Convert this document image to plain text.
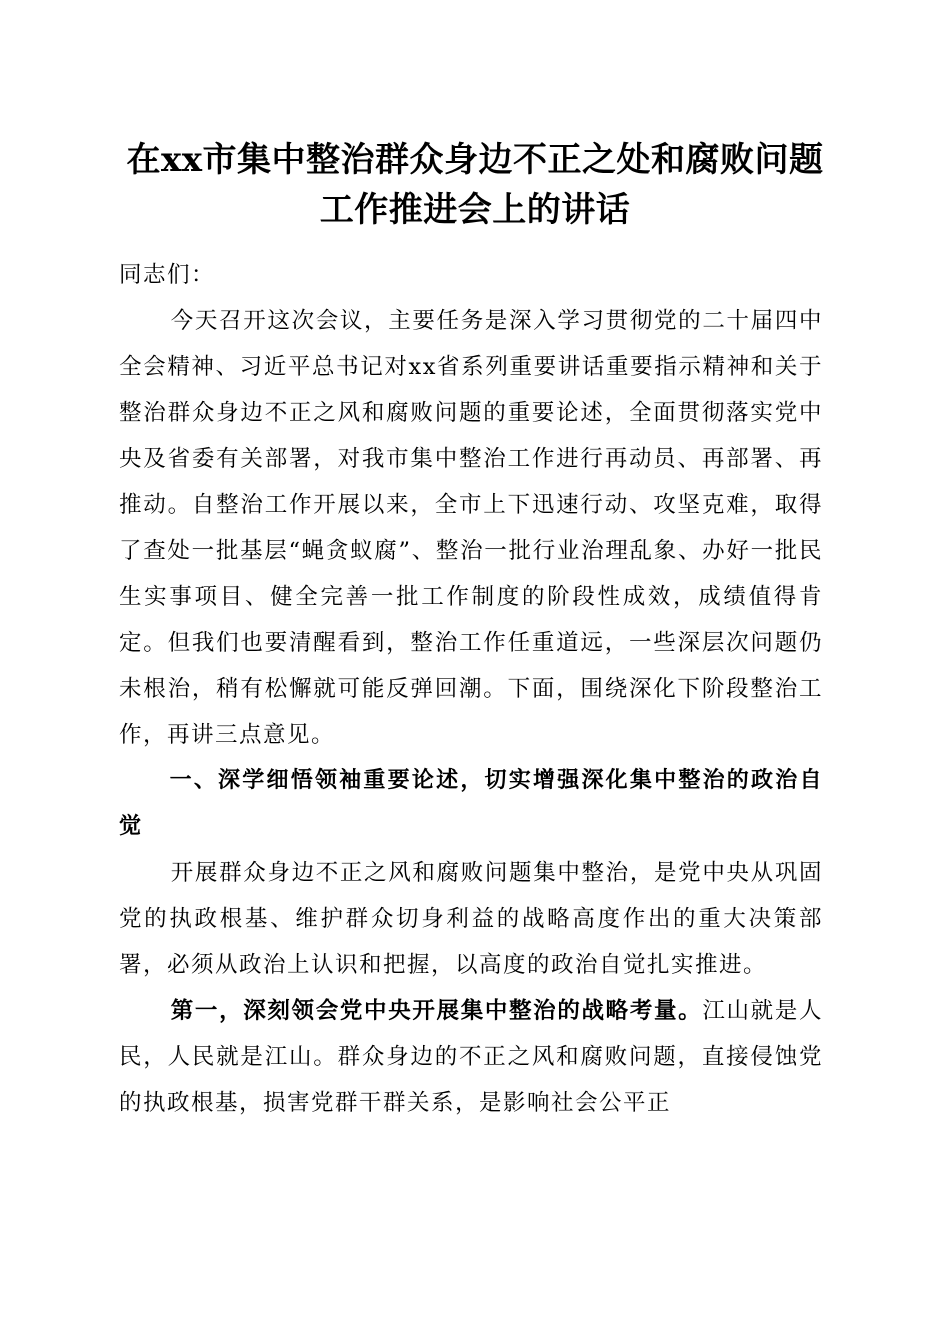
在xx市集中整治群众身边不正之处和腐败问题工作推进会上的讲话

同志们：

今天召开这次会议，主要任务是深入学习贯彻党的二十届四中全会精神、习近平总书记对xx省系列重要讲话重要指示精神和关于整治群众身边不正之风和腐败问题的重要论述，全面贯彻落实党中央及省委有关部署，对我市集中整治工作进行再动员、再部署、再推动。自整治工作开展以来，全市上下迅速行动、攻坚克难，取得了查处一批基层“蝇贪蚁腐”、整治一批行业治理乱象、办好一批民生实事项目、健全完善一批工作制度的阶段性成效，成绩值得肯定。但我们也要清醒看到，整治工作任重道远，一些深层次问题仍未根治，稍有松懈就可能反弹回潮。下面，围绕深化下阶段整治工作，再讲三点意见。

一、深学细悟领袖重要论述，切实增强深化集中整治的政治自觉

开展群众身边不正之风和腐败问题集中整治，是党中央从巩固党的执政根基、维护群众切身利益的战略高度作出的重大决策部署，必须从政治上认识和把握，以高度的政治自觉扎实推进。

第一，深刻领会党中央开展集中整治的战略考量。江山就是人民，人民就是江山。群众身边的不正之风和腐败问题，直接侵蚀党的执政根基，损害党群干群关系，是影响社会公平正
